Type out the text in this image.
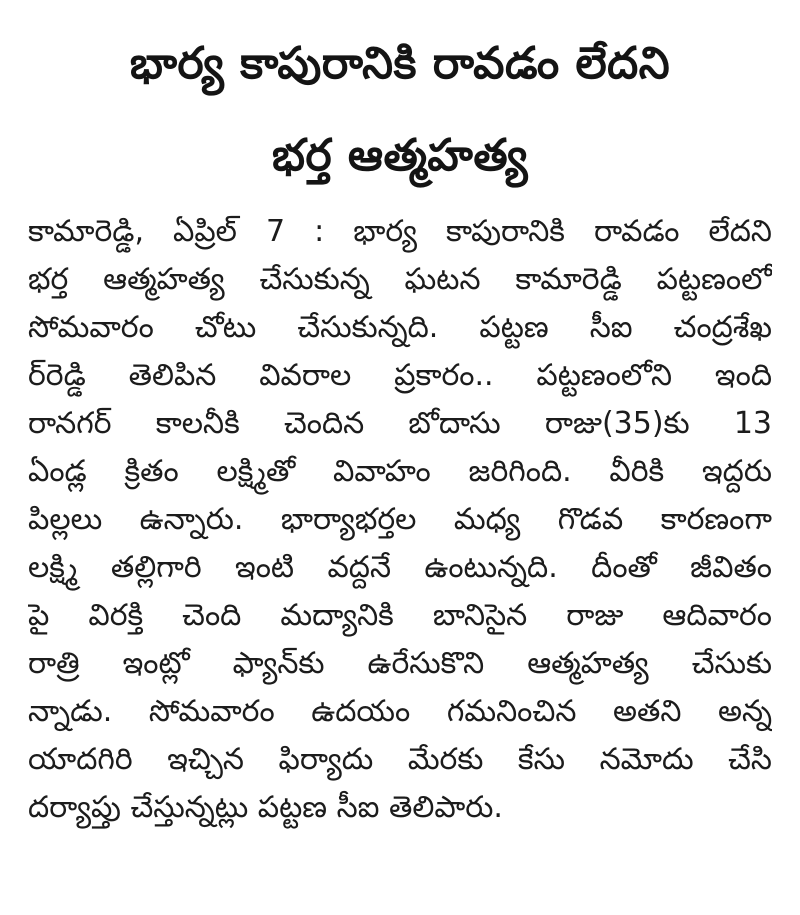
భార్య కాపురానికి రావడం లేదని
భర్త ఆత్మహత్య
కామారెడ్డి, ఏప్రిల్ 7 : భార్య కాపురానికి రావడం లేదని
భర్త ఆత్మహత్య చేసుకున్న ఘటన కామారెడ్డి పట్టణంలో
సోమవారం చోటు చేసుకున్నది. పట్టణ సీఐ చంద్రశేఖ
ర్‌రెడ్డి తెలిపిన వివరాల ప్రకారం.. పట్టణంలోని ఇంది
రానగర్ కాలనీకి చెందిన బోదాసు రాజు(35)కు 13
ఏండ్ల క్రితం లక్ష్మితో వివాహం జరిగింది. వీరికి ఇద్దరు
పిల్లలు ఉన్నారు. భార్యాభర్తల మధ్య గొడవ కారణంగా
లక్ష్మి తల్లిగారి ఇంటి వద్దనే ఉంటున్నది. దీంతో జీవితం
పై విరక్తి చెంది మద్యానికి బానిసైన రాజు ఆదివారం
రాత్రి ఇంట్లో ఫ్యాన్‌కు ఉరేసుకొని ఆత్మహత్య చేసుకు
న్నాడు. సోమవారం ఉదయం గమనించిన అతని అన్న
యాదగిరి ఇచ్చిన ఫిర్యాదు మేరకు కేసు నమోదు చేసి
దర్యాప్తు చేస్తున్నట్లు పట్టణ సీఐ తెలిపారు.
